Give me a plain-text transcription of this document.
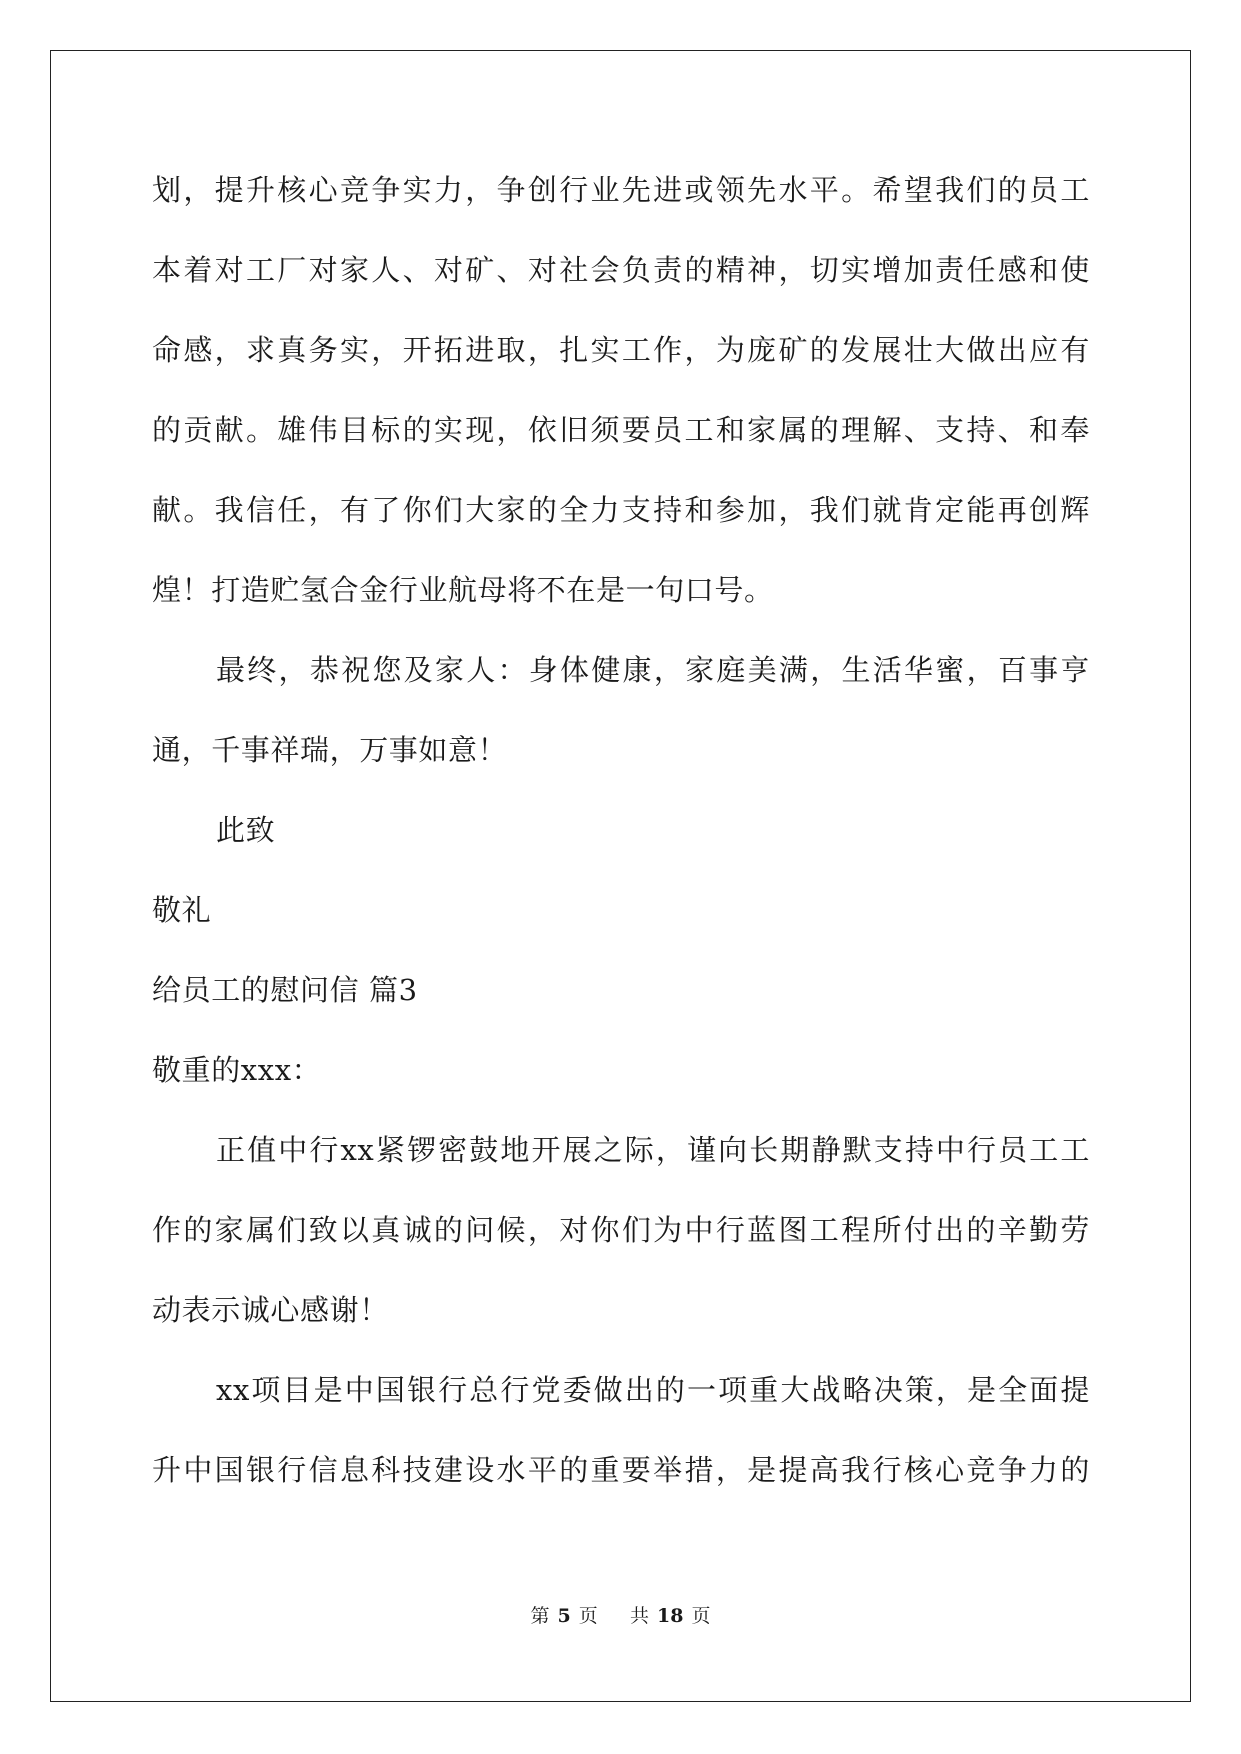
划，提升核心竞争实力，争创行业先进或领先水平。希望我们的员工
本着对工厂对家人、对矿、对社会负责的精神，切实增加责任感和使
命感，求真务实，开拓进取，扎实工作，为庞矿的发展壮大做出应有
的贡献。雄伟目标的实现，依旧须要员工和家属的理解、支持、和奉
献。我信任，有了你们大家的全力支持和参加，我们就肯定能再创辉
煌！打造贮氢合金行业航母将不在是一句口号。
最终，恭祝您及家人：身体健康，家庭美满，生活华蜜，百事亨
通，千事祥瑞，万事如意！
此致
敬礼
给员工的慰问信 篇3
敬重的xxx：
正值中行xx紧锣密鼓地开展之际，谨向长期静默支持中行员工工
作的家属们致以真诚的问候，对你们为中行蓝图工程所付出的辛勤劳
动表示诚心感谢！
xx项目是中国银行总行党委做出的一项重大战略决策，是全面提
升中国银行信息科技建设水平的重要举措，是提高我行核心竞争力的
第 5 页 共 18 页
